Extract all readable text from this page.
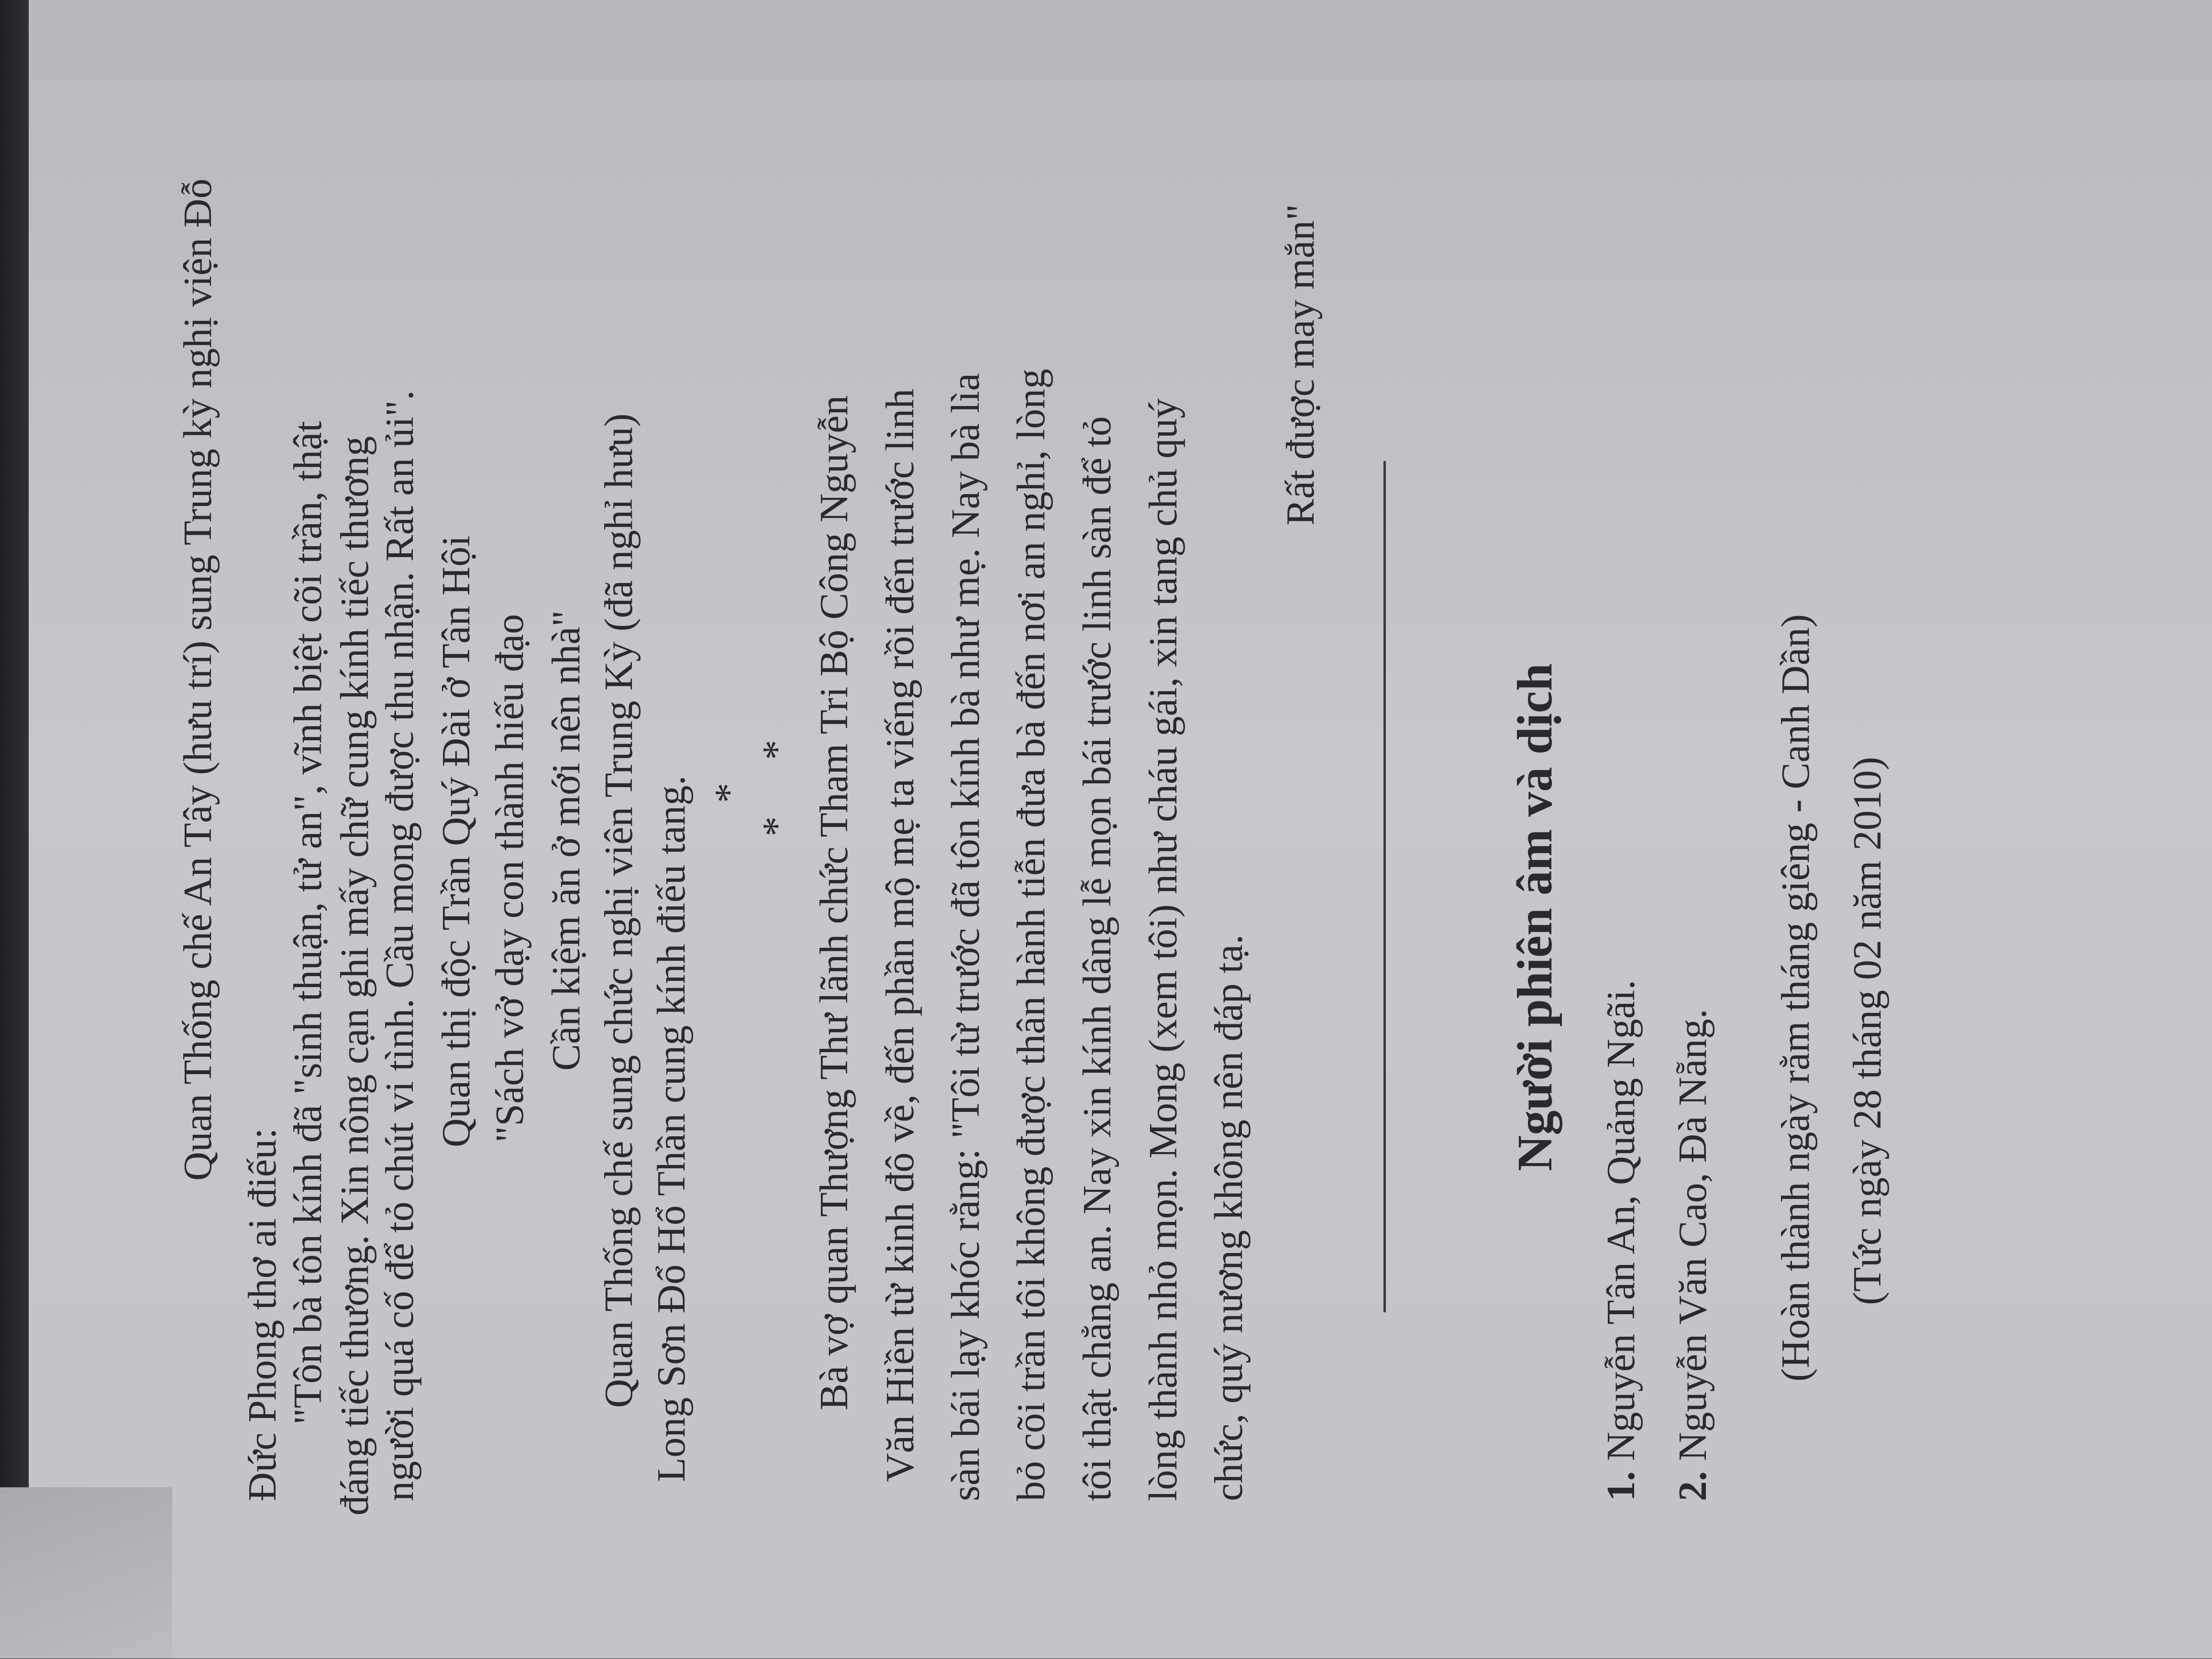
Quan Thống chế An Tây (hưu trí) sung Trung kỳ nghị viện Đỗ
Đức Phong thơ ai điếu: "Tôn bà tôn kính đã "sinh thuận, tử an", vĩnh biệt cõi trần, thật đáng tiếc thương. Xin nông cạn ghi mấy chữ cung kính tiếc thương người quá cố để tỏ chút vi tình. Cầu mong được thu nhận. Rất an ủi". Quan thị độc Trần Quý Đài ở Tân Hội "Sách vở dạy con thành hiếu đạo Cần kiệm ăn ở mới nên nhà" Quan Thống chế sung chức nghị viên Trung Kỳ (đã nghỉ hưu) Long Sơn Đổ Hổ Thần cung kính điếu tang. *
*
* Bà vợ quan Thượng Thư lãnh chức Tham Tri Bộ Công Nguyễn Văn Hiền từ kinh đô về, đến phần mộ mẹ ta viếng rồi đến trước linh sàn bái lạy khóc rằng: "Tôi từ trước đã tôn kính bà như mẹ. Nay bà lìa bỏ cõi trần tôi không được thân hành tiễn đưa bà đến nơi an nghỉ, lòng tôi thật chẳng an. Nay xin kính dâng lễ mọn bái trước linh sàn để tỏ lòng thành nhỏ mọn. Mong (xem tôi) như cháu gái, xin tang chủ quý chức, quý nương không nên đáp tạ.
Rất được may mắn"
Người phiên âm và dịch
1. Nguyễn Tân An, Quảng Ngãi.
2. Nguyễn Văn Cao, Đà Nẵng. (Hoàn thành ngày rằm tháng giêng - Canh Dần) (Tức ngày 28 tháng 02 năm 2010)
